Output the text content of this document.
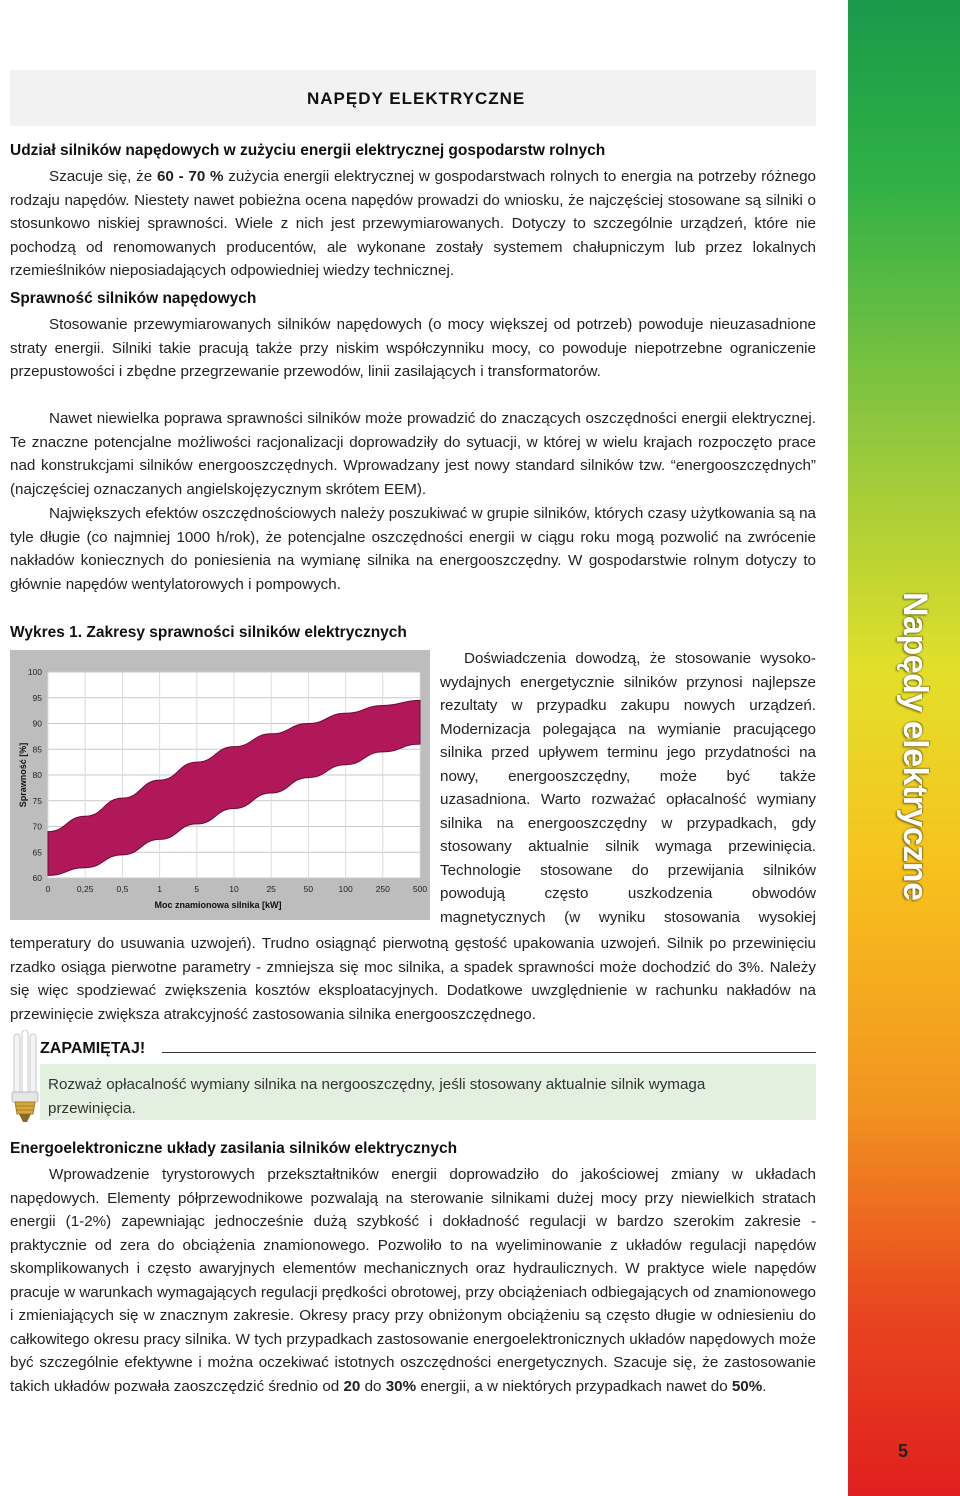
Napędy elektryczne
5
NAPĘDY ELEKTRYCZNE

Udział silników napędowych w zużyciu energii elektrycznej gospodarstw rolnych

Szacuje się, że 60 - 70 % zużycia energii elektrycznej w gospodarstwach rolnych to energia na potrzeby różnego rodzaju napędów. Niestety nawet pobieżna ocena napędów prowadzi do wniosku, że najczęściej stosowane są silniki o stosunkowo niskiej sprawności. Wiele z nich jest przewymiarowanych. Dotyczy to szczególnie urządzeń, które nie pochodzą od renomowanych producentów, ale wykonane zostały systemem chałupniczym lub przez lokalnych rzemieślników nieposiadających odpowiedniej wiedzy technicznej.

Sprawność silników napędowych

Stosowanie przewymiarowanych silników napędowych (o mocy większej od potrzeb) powoduje nieuzasadnione straty energii. Silniki takie pracują także przy niskim współczynniku mocy, co powoduje niepotrzebne ograniczenie przepustowości i zbędne przegrzewanie przewodów, linii zasilających i transformatorów.

Nawet niewielka poprawa sprawności silników może prowadzić do znaczących oszczędności energii elektrycznej. Te znaczne potencjalne możliwości racjonalizacji doprowadziły do sytuacji, w której w wielu krajach rozpoczęto prace nad konstrukcjami silników energooszczędnych. Wprowadzany jest nowy standard silników tzw. “energooszczędnych” (najczęściej oznaczanych angielskojęzycznym skrótem EEM).

Największych efektów oszczędnościowych należy poszukiwać w grupie silników, których czasy użytkowania są na tyle długie (co najmniej 1000 h/rok), że potencjalne oszczędności energii w ciągu roku mogą pozwolić na zwrócenie nakładów koniecznych do poniesienia na wymianę silnika na energooszczędny. W gospodarstwie rolnym dotyczy to głównie napędów wentylatorowych i pompowych.

Wykres 1. Zakresy sprawności silników elektrycznych
60
65
70
75
80
85
90
95
100
0	0,25	0,5	1	5	10	25	50	100	250	500
Moc znamionowa silnika [kW]
Sprawność [%]
Doświadczenia dowodzą, że stosowanie wysoko-
wydajnych energetycznie silników przynosi najlepsze
rezultaty w przypadku zakupu nowych urządzeń.
Modernizacja polegająca na wymianie pracującego
silnika przed upływem terminu jego przydatności na
nowy, energooszczędny, może być także
uzasadniona. Warto rozważać opłacalność wymiany
silnika na energooszczędny w przypadkach, gdy
stosowany aktualnie silnik wymaga przewinięcia.
Technologie stosowane do przewijania silników
powodują często uszkodzenia obwodów
magnetycznych (w wyniku stosowania wysokiej

temperatury do usuwania uzwojeń). Trudno osiągnąć pierwotną gęstość upakowania uzwojeń. Silnik po przewinięciu rzadko osiąga pierwotne parametry - zmniejsza się moc silnika, a spadek sprawności może dochodzić do 3%. Należy się więc spodziewać zwiększenia kosztów eksploatacyjnych. Dodatkowe uwzględnienie w rachunku nakładów na przewinięcie zwiększa atrakcyjność zastosowania silnika energooszczędnego.

ZAPAMIĘTAJ!

Rozważ opłacalność wymiany silnika na nergooszczędny, jeśli stosowany aktualnie silnik wymaga przewinięcia.

Energoelektroniczne układy zasilania silników elektrycznych

Wprowadzenie tyrystorowych przekształtników energii doprowadziło do jakościowej zmiany w układach napędowych. Elementy półprzewodnikowe pozwalają na sterowanie silnikami dużej mocy przy niewielkich stratach energii (1-2%) zapewniając jednocześnie dużą szybkość i dokładność regulacji w bardzo szerokim zakresie - praktycznie od zera do obciążenia znamionowego. Pozwoliło to na wyeliminowanie z układów regulacji napędów skomplikowanych i często awaryjnych elementów mechanicznych oraz hydraulicznych. W praktyce wiele napędów pracuje w warunkach wymagających regulacji prędkości obrotowej, przy obciążeniach odbiegających od znamionowego i zmieniających się w znacznym zakresie. Okresy pracy przy obniżonym obciążeniu są często długie w odniesieniu do całkowitego okresu pracy silnika. W tych przypadkach zastosowanie energoelektronicznych układów napędowych może być szczególnie efektywne i można oczekiwać istotnych oszczędności energetycznych. Szacuje się, że zastosowanie takich układów pozwała zaoszczędzić średnio od 20 do 30% energii, a w niektórych przypadkach nawet do 50%.
